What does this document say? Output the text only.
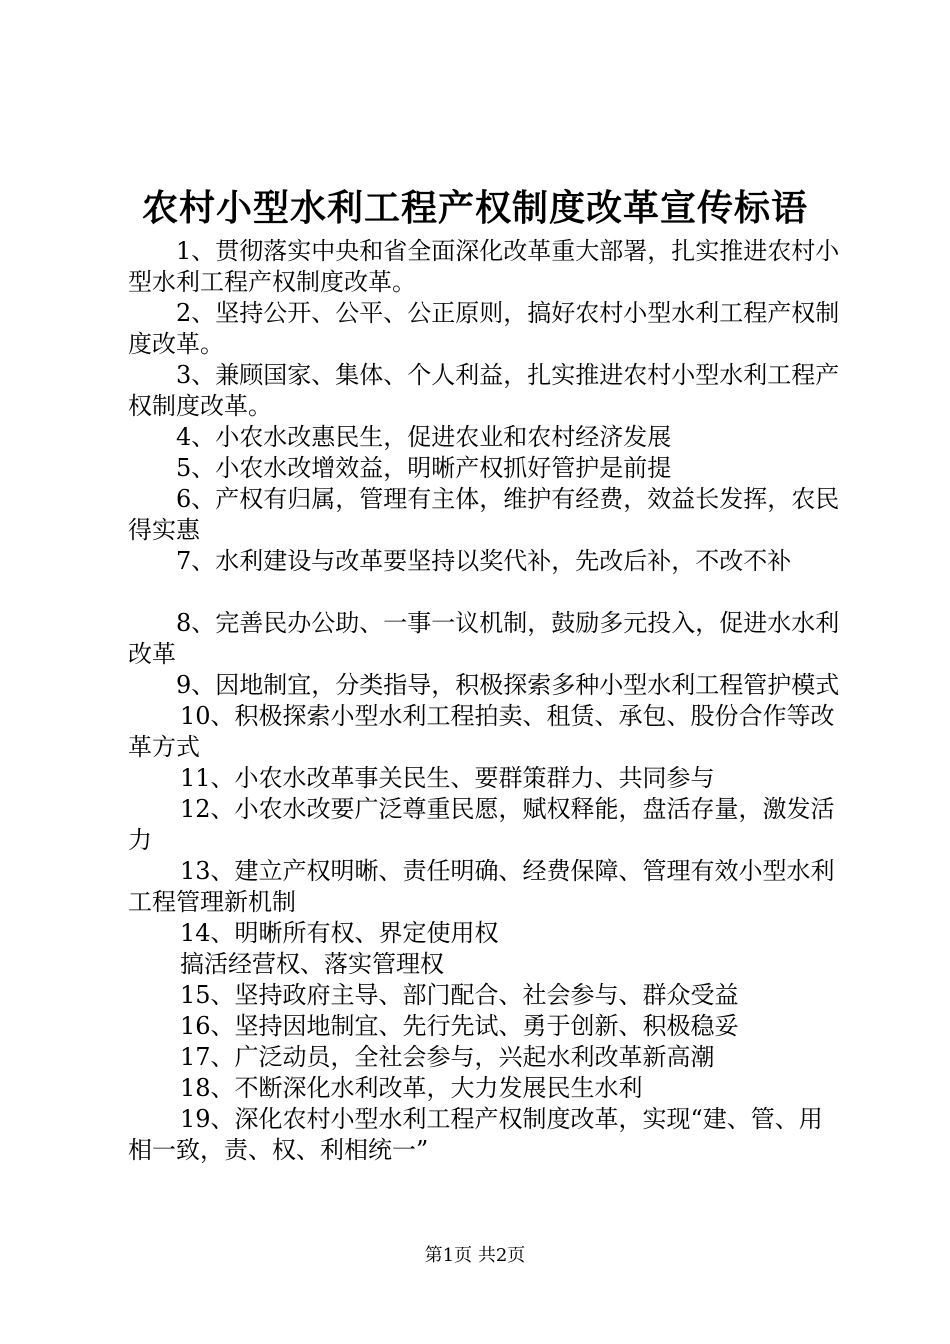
农村小型水利工程产权制度改革宣传标语

1、贯彻落实中央和省全面深化改革重大部署，扎实推进农村小型水利工程产权制度改革。

2、坚持公开、公平、公正原则，搞好农村小型水利工程产权制度改革。

3、兼顾国家、集体、个人利益，扎实推进农村小型水利工程产权制度改革。

4、小农水改惠民生，促进农业和农村经济发展

5、小农水改增效益，明晰产权抓好管护是前提

6、产权有归属，管理有主体，维护有经费，效益长发挥，农民得实惠

7、水利建设与改革要坚持以奖代补，先改后补，不改不补

8、完善民办公助、一事一议机制，鼓励多元投入，促进水水利改革

9、因地制宜，分类指导，积极探索多种小型水利工程管护模式

10、积极探索小型水利工程拍卖、租赁、承包、股份合作等改革方式

11、小农水改革事关民生、要群策群力、共同参与

12、小农水改要广泛尊重民愿，赋权释能，盘活存量，激发活力

13、建立产权明晰、责任明确、经费保障、管理有效小型水利工程管理新机制

14、明晰所有权、界定使用权

搞活经营权、落实管理权

15、坚持政府主导、部门配合、社会参与、群众受益

16、坚持因地制宜、先行先试、勇于创新、积极稳妥

17、广泛动员，全社会参与，兴起水利改革新高潮

18、不断深化水利改革，大力发展民生水利

19、深化农村小型水利工程产权制度改革，实现“建、管、用相一致，责、权、利相统一”

第1页 共2页
